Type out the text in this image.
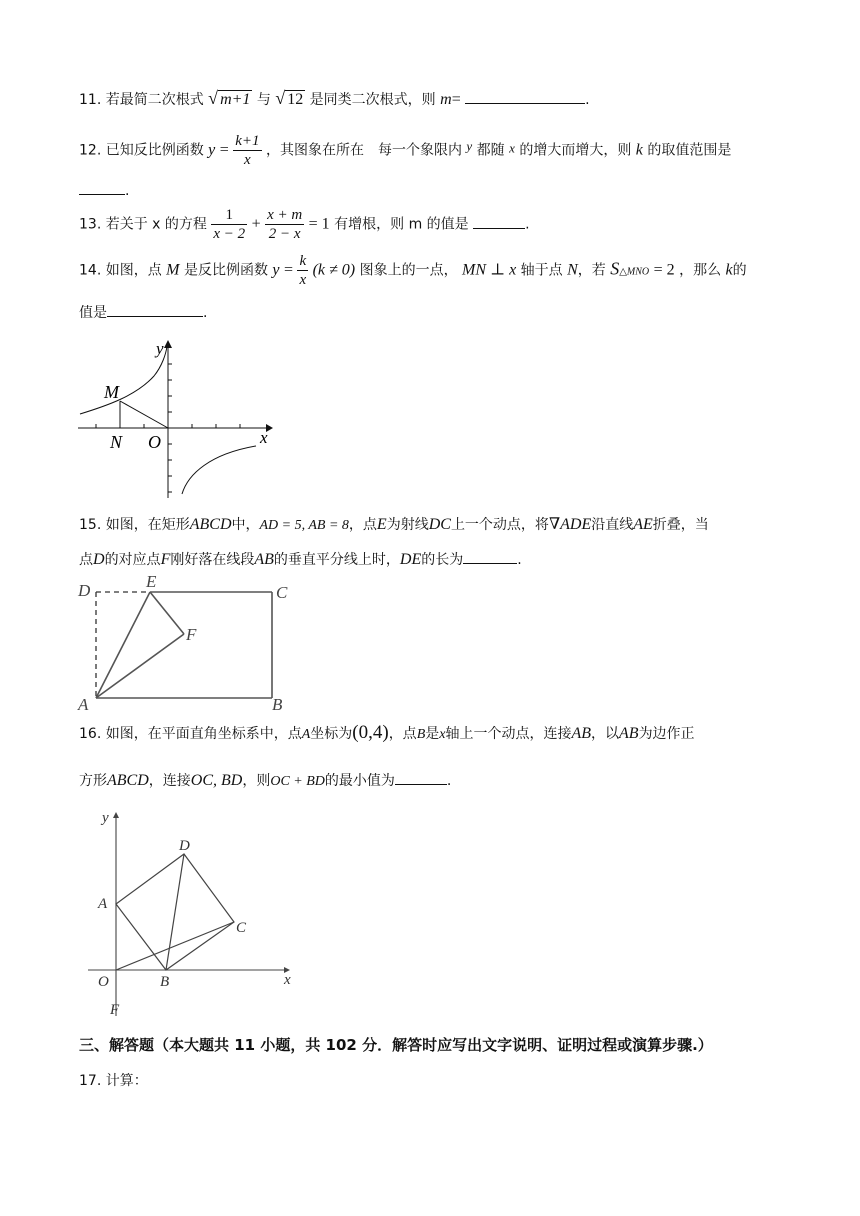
11. 若最简二次根式 √ m+1 与 √ 12 是同类二次根式，则 m=	.
12. 已知反比例函数 $y = \frac{k+1}{x}$ ，其图象在所在　每一个象限内 y 都随 x 的增大而增大，则 k 的取值范围是
.
13. 若关于 x 的方程 $\frac{1}{x - 2} + \frac{x + m}{2 - x} = 1$ 有增根，则 m 的值是	.
14. 如图，点 M 是反比例函数 $y = \frac{k}{x} (k \ne 0)$ 图象上的一点， MN ⊥ x 轴于点 N，若 S△MNO = 2 ，那么 k的
值是	.
y
x
M
N O
15. 如图，在矩形ABCD中，AD = 5, AB = 8，点E为射线DC上一个动点，将∇ADE沿直线AE折叠，当
点D的对应点F刚好落在线段AB的垂直平分线上时，DE的长为	.
D	E
C
F
A	B
16. 如图，在平面直角坐标系中，点A坐标为(0,4)，点B是x轴上一个动点，连接AB，以AB为边作正
方形ABCD，连接OC, BD，则OC + BD的最小值为	.
y
x
A
B
C
D
O
F
三、解答题（本大题共 11 小题，共 102 分．解答时应写出文字说明、证明过程或演算步骤.）
17. 计算：
